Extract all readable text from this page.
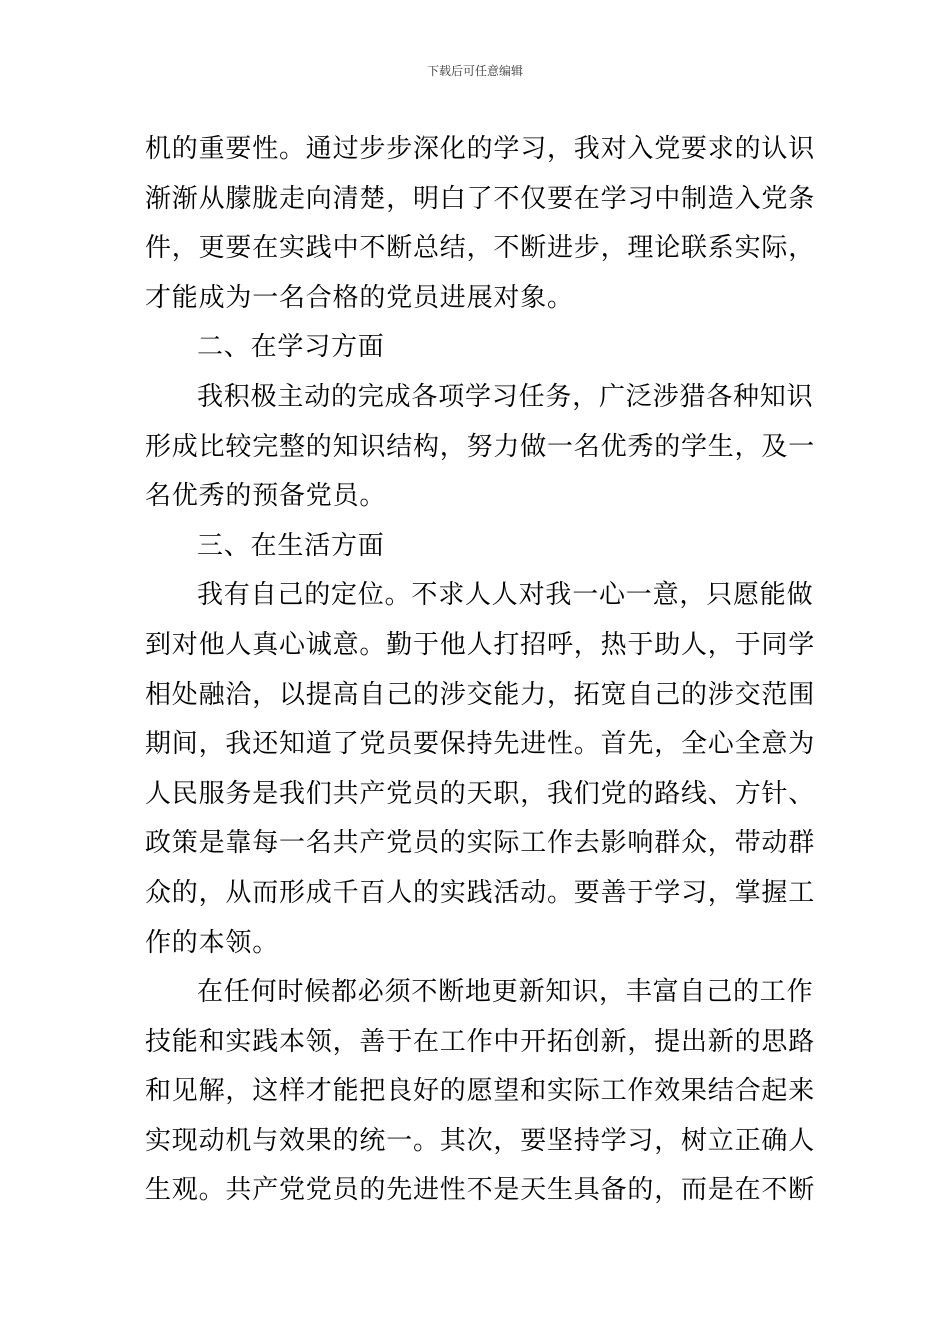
下载后可任意编辑
机的重要性。通过步步深化的学习，我对入党要求的认识
渐渐从朦胧走向清楚，明白了不仅要在学习中制造入党条
件，更要在实践中不断总结，不断进步，理论联系实际，
才能成为一名合格的党员进展对象。
二、在学习方面
我积极主动的完成各项学习任务，广泛涉猎各种知识
形成比较完整的知识结构，努力做一名优秀的学生，及一
名优秀的预备党员。
三、在生活方面
我有自己的定位。不求人人对我一心一意，只愿能做
到对他人真心诚意。勤于他人打招呼，热于助人，于同学
相处融洽，以提高自己的涉交能力，拓宽自己的涉交范围
期间，我还知道了党员要保持先进性。首先，全心全意为
人民服务是我们共产党员的天职，我们党的路线、方针、
政策是靠每一名共产党员的实际工作去影响群众，带动群
众的，从而形成千百人的实践活动。要善于学习，掌握工
作的本领。
在任何时候都必须不断地更新知识，丰富自己的工作
技能和实践本领，善于在工作中开拓创新，提出新的思路
和见解，这样才能把良好的愿望和实际工作效果结合起来
实现动机与效果的统一。其次，要坚持学习，树立正确人
生观。共产党党员的先进性不是天生具备的，而是在不断
